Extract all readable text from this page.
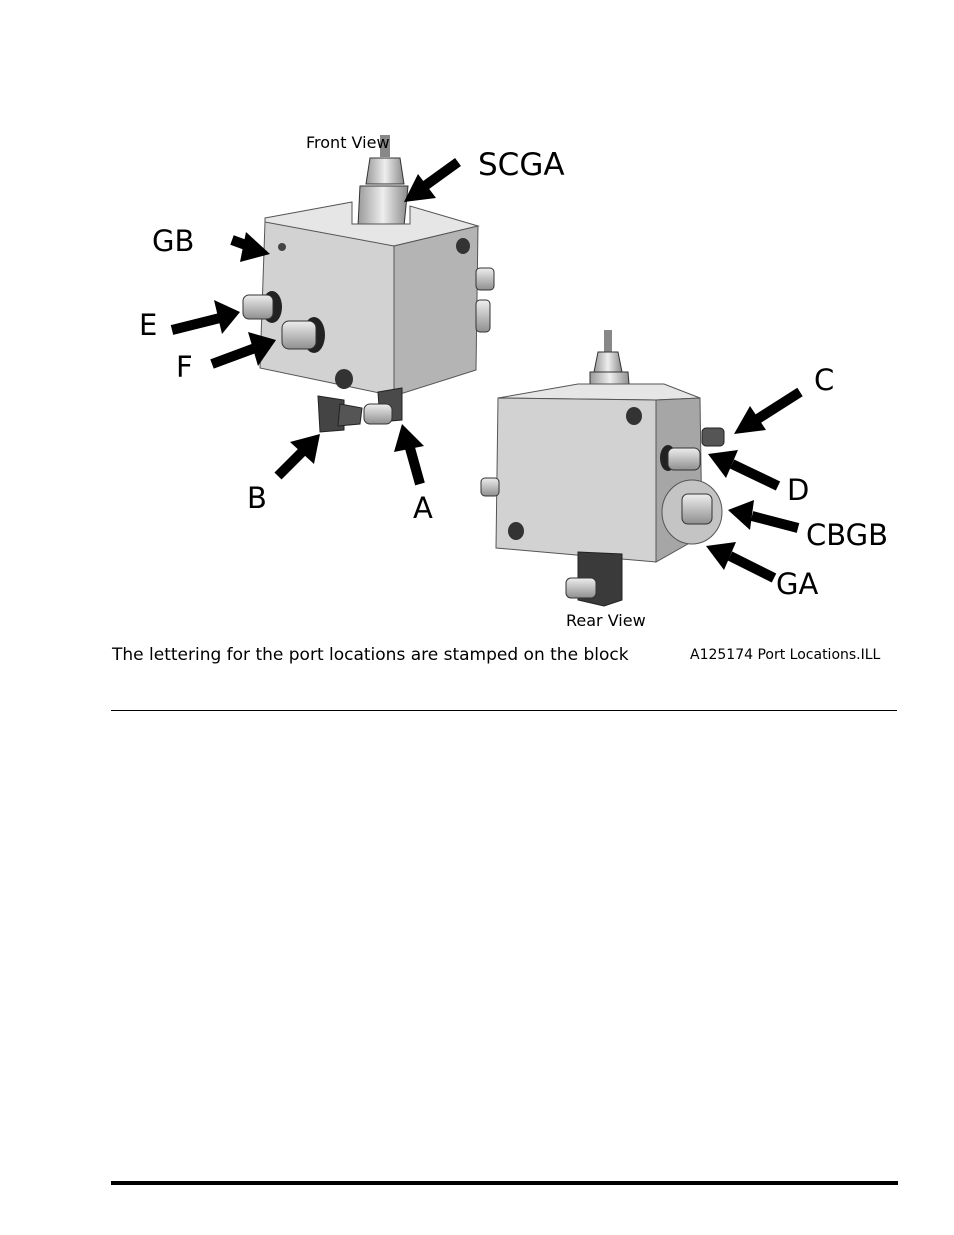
Front View
Rear View
SCGA
GB
E
F
B	A
C
D
CBGB
GA
The lettering for the port locations are stamped on the block	A125174 Port Locations.ILL
